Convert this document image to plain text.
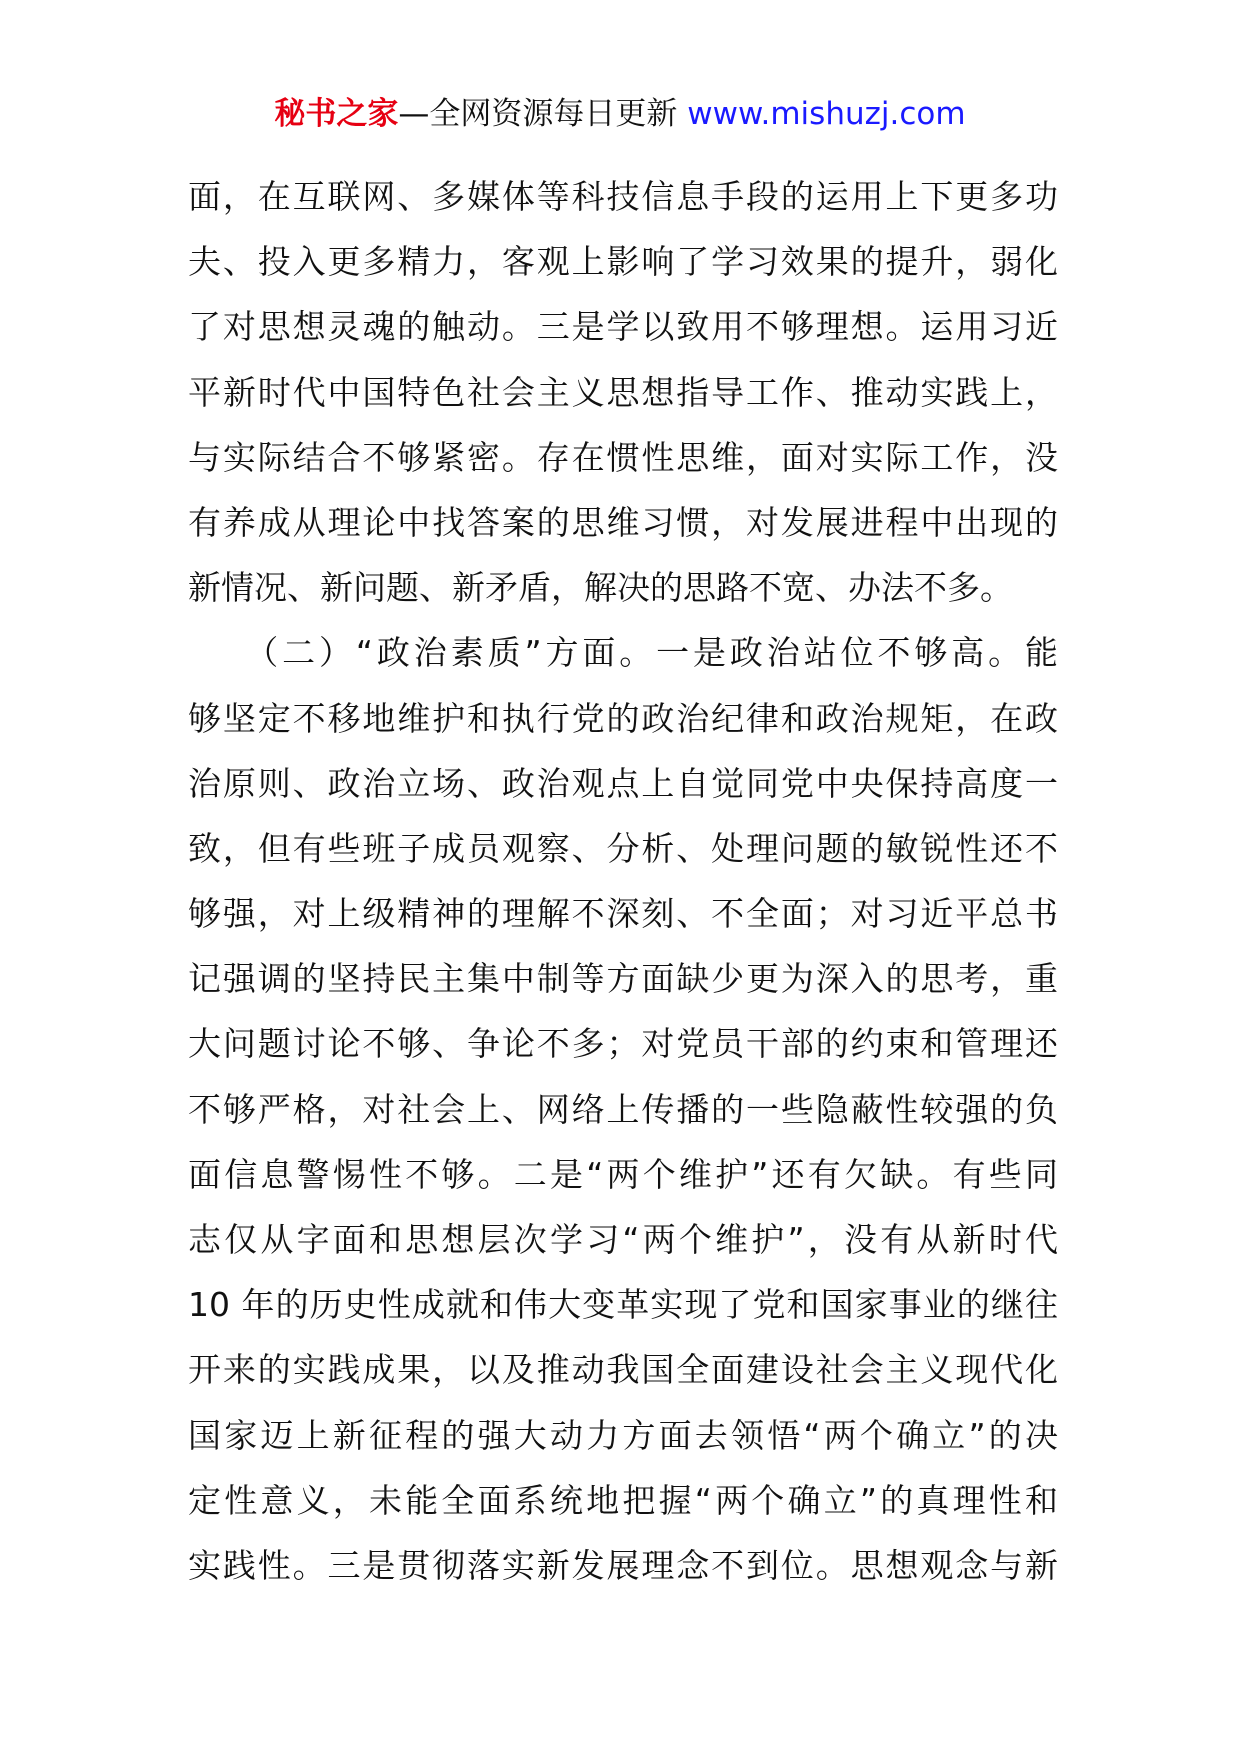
秘书之家—全网资源每日更新 www.mishuzj.com
面，在互联网、多媒体等科技信息手段的运用上下更多功
夫、投入更多精力，客观上影响了学习效果的提升，弱化
了对思想灵魂的触动。三是学以致用不够理想。运用习近
平新时代中国特色社会主义思想指导工作、推动实践上，
与实际结合不够紧密。存在惯性思维，面对实际工作，没
有养成从理论中找答案的思维习惯，对发展进程中出现的
新情况、新问题、新矛盾，解决的思路不宽、办法不多。
　　（二）“政治素质”方面。一是政治站位不够高。能
够坚定不移地维护和执行党的政治纪律和政治规矩，在政
治原则、政治立场、政治观点上自觉同党中央保持高度一
致，但有些班子成员观察、分析、处理问题的敏锐性还不
够强，对上级精神的理解不深刻、不全面；对习近平总书
记强调的坚持民主集中制等方面缺少更为深入的思考，重
大问题讨论不够、争论不多；对党员干部的约束和管理还
不够严格，对社会上、网络上传播的一些隐蔽性较强的负
面信息警惕性不够。二是“两个维护”还有欠缺。有些同
志仅从字面和思想层次学习“两个维护”，没有从新时代
10 年的历史性成就和伟大变革实现了党和国家事业的继往
开来的实践成果，以及推动我国全面建设社会主义现代化
国家迈上新征程的强大动力方面去领悟“两个确立”的决
定性意义，未能全面系统地把握“两个确立”的真理性和
实践性。三是贯彻落实新发展理念不到位。思想观念与新
